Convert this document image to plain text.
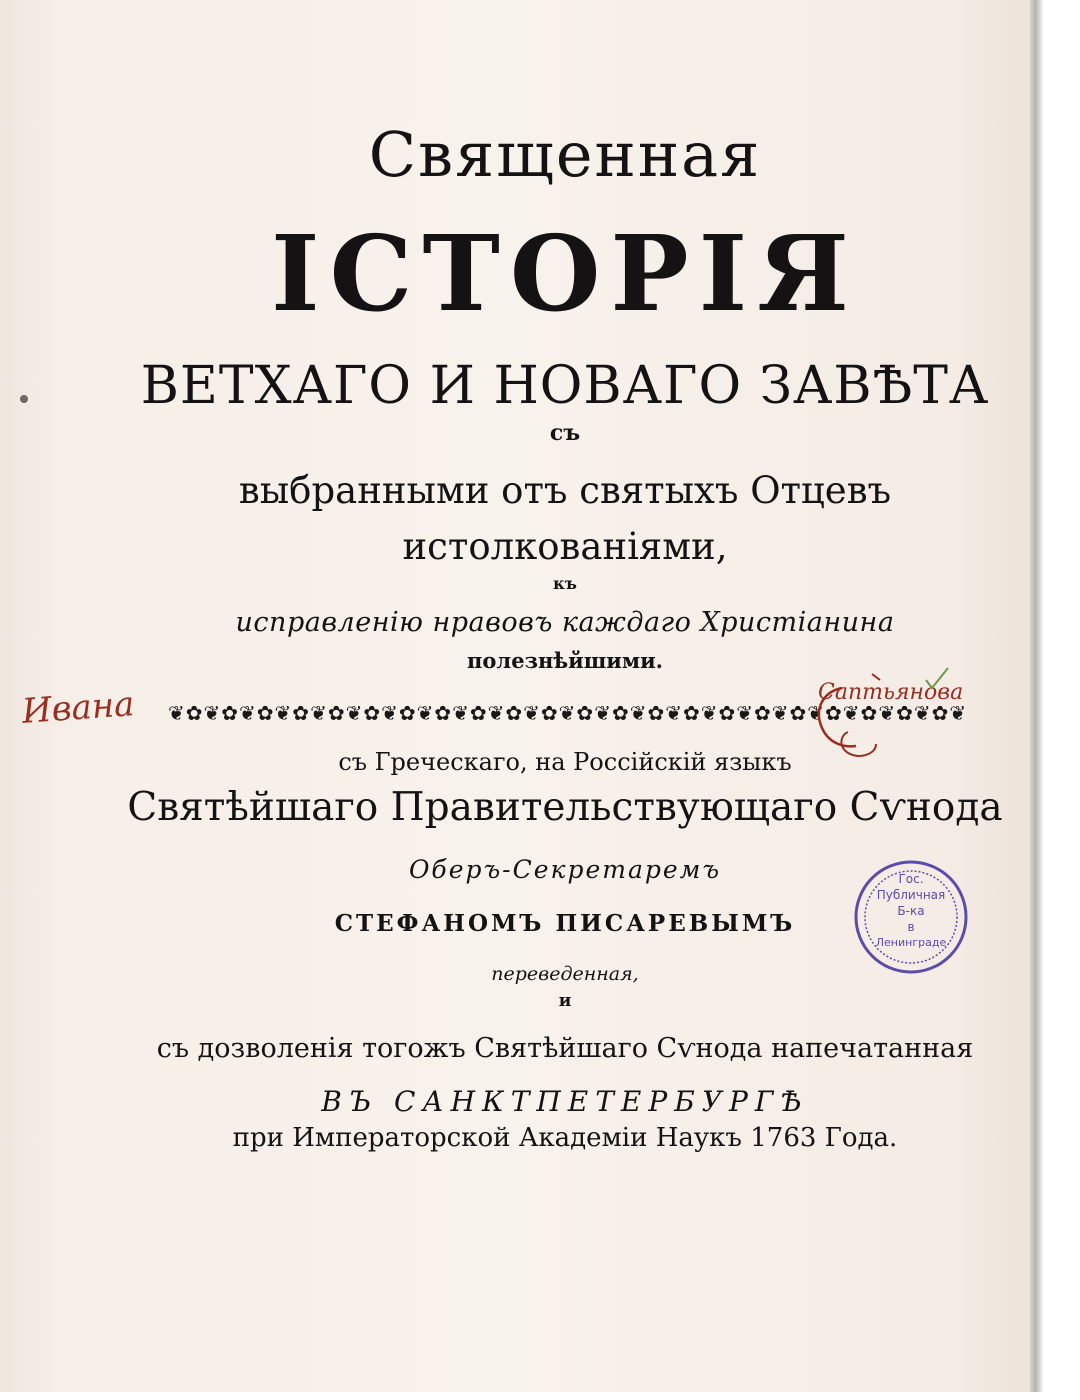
Священная
ІСТОРІЯ
ВЕТХАГО И НОВАГО ЗАВѢТА
съ
выбранными отъ святыхъ Отцевъ
истолкованіями,
къ
исправленію нравовъ каждаго Христіанина
полезнѣйшими.
❦✿❦✿❦✿❦✿❦✿❦✿❦✿❦✿❦✿❦✿❦✿❦✿❦✿❦✿❦✿❦✿❦✿❦✿❦✿❦✿❦✿❦✿❦
съ Греческаго, на Россійскій языкъ
Святѣйшаго Правительствующаго Сѵнода
Оберъ-Секретаремъ
СТЕФАНОМЪ ПИСАРЕВЫМЪ
переведенная,
и
съ дозволенія тогожъ Святѣйшаго Сѵнода напечатанная
ВЪ САНКТПЕТЕРБУРГѢ
при Императорской Академіи Наукъ 1763 Года.
Ивана	Саптьянова
Гос.
Публичная
Б-ка
в
Ленинграде
